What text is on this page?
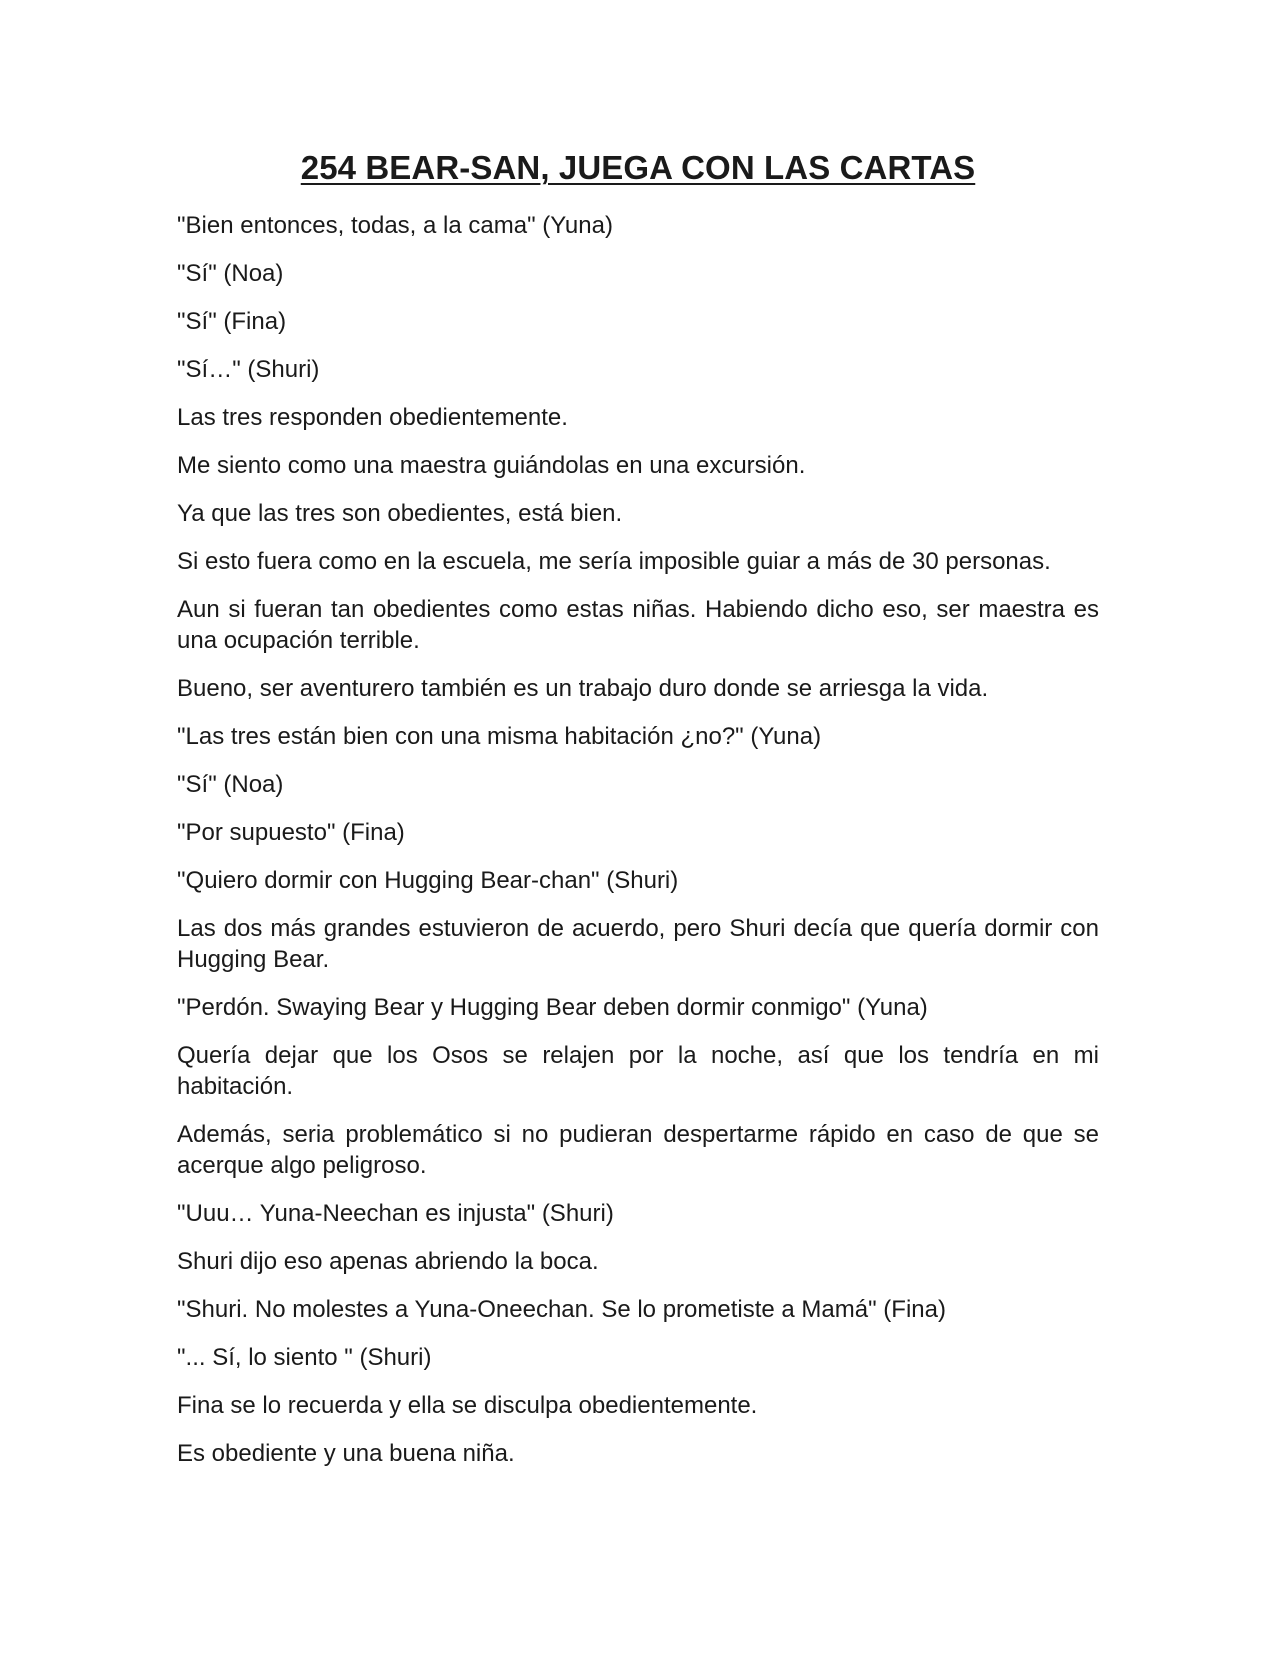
254 BEAR-SAN, JUEGA CON LAS CARTAS

"Bien entonces, todas, a la cama" (Yuna)

"Sí" (Noa)

"Sí" (Fina)

"Sí…" (Shuri)

Las tres responden obedientemente.

Me siento como una maestra guiándolas en una excursión.

Ya que las tres son obedientes, está bien.

Si esto fuera como en la escuela, me sería imposible guiar a más de 30 personas.

Aun si fueran tan obedientes como estas niñas. Habiendo dicho eso, ser maestra es una ocupación terrible.

Bueno, ser aventurero también es un trabajo duro donde se arriesga la vida.

"Las tres están bien con una misma habitación ¿no?" (Yuna)

"Sí" (Noa)

"Por supuesto" (Fina)

"Quiero dormir con Hugging Bear-chan" (Shuri)

Las dos más grandes estuvieron de acuerdo, pero Shuri decía que quería dormir con Hugging Bear.

"Perdón. Swaying Bear y Hugging Bear deben dormir conmigo" (Yuna)

Quería dejar que los Osos se relajen por la noche, así que los tendría en mi habitación.

Además, seria problemático si no pudieran despertarme rápido en caso de que se acerque algo peligroso.

"Uuu… Yuna-Neechan es injusta" (Shuri)

Shuri dijo eso apenas abriendo la boca.

"Shuri. No molestes a Yuna-Oneechan. Se lo prometiste a Mamá" (Fina)

"... Sí, lo siento " (Shuri)

Fina se lo recuerda y ella se disculpa obedientemente.

Es obediente y una buena niña.
